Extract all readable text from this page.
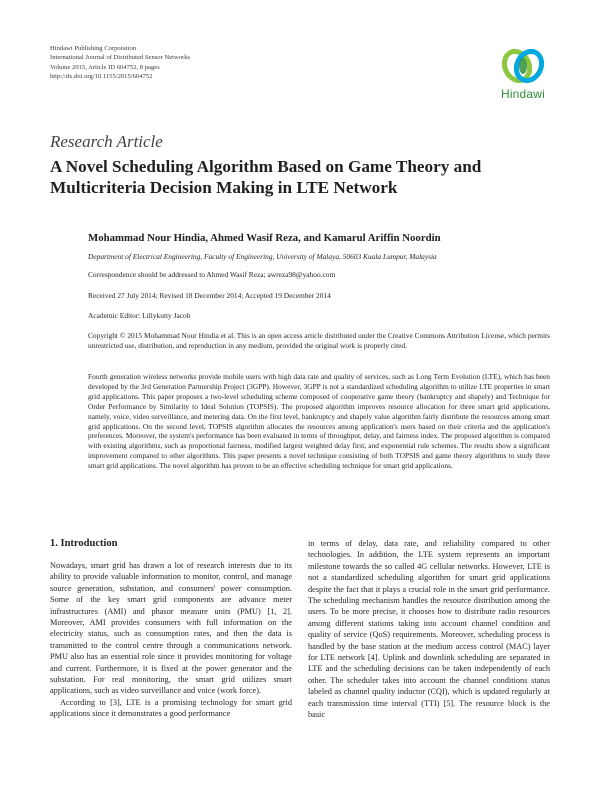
Hindawi Publishing Corporation
International Journal of Distributed Sensor Networks
Volume 2015, Article ID 604752, 8 pages
http://dx.doi.org/10.1155/2015/604752
Hindawi
Research Article
A Novel Scheduling Algorithm Based on Game Theory and Multicriteria Decision Making in LTE Network
Mohammad Nour Hindia, Ahmed Wasif Reza, and Kamarul Ariffin Noordin
Department of Electrical Engineering, Faculty of Engineering, University of Malaya, 50603 Kuala Lumpur, Malaysia
Correspondence should be addressed to Ahmed Wasif Reza; awreza98@yahoo.com
Received 27 July 2014; Revised 18 December 2014; Accepted 19 December 2014
Academic Editor: Lillykutty Jacob
Copyright © 2015 Mohammad Nour Hindia et al. This is an open access article distributed under the Creative Commons Attribution License, which permits unrestricted use, distribution, and reproduction in any medium, provided the original work is properly cited.
Fourth generation wireless networks provide mobile users with high data rate and quality of services, such as Long Term Evolution (LTE), which has been developed by the 3rd Generation Partnership Project (3GPP). However, 3GPP is not a standardized scheduling algorithm to utilize LTE properties in smart grid applications. This paper proposes a two-level scheduling scheme composed of cooperative game theory (bankruptcy and shapely) and Technique for Order Performance by Similarity to Ideal Solution (TOPSIS). The proposed algorithm improves resource allocation for three smart grid applications, namely, voice, video surveillance, and metering data. On the first level, bankruptcy and shapely value algorithm fairly distribute the resources among smart grid applications. On the second level, TOPSIS algorithm allocates the resources among application's users based on their criteria and the application's preferences. Moreover, the system's performance has been evaluated in terms of throughput, delay, and fairness index. The proposed algorithm is compared with existing algorithms, such as proportional fairness, modified largest weighted delay first, and exponential rule schemes. The results show a significant improvement compared to other algorithms. This paper presents a novel technique consisting of both TOPSIS and game theory algorithms to study three smart grid applications. The novel algorithm has proven to be an effective scheduling technique for smart grid applications.
1. Introduction

Nowadays, smart grid has drawn a lot of research interests due to its ability to provide valuable information to monitor, control, and manage source generation, substation, and consumers' power consumption. Some of the key smart grid components are advance meter infrastructures (AMI) and phasor measure units (PMU) [1, 2]. Moreover, AMI provides consumers with full information on the electricity status, such as consumption rates, and then the data is transmitted to the control centre through a communications network. PMU also has an essential role since it provides monitoring for voltage and current. Furthermore, it is fixed at the power generator and the substation. For real monitoring, the smart grid utilizes smart applications, such as video surveillance and voice (work force).

According to [3], LTE is a promising technology for smart grid applications since it demonstrates a good performance

in terms of delay, data rate, and reliability compared to other technologies. In addition, the LTE system represents an important milestone towards the so called 4G cellular networks. However, LTE is not a standardized scheduling algorithm for smart grid applications despite the fact that it plays a crucial role in the smart grid performance. The scheduling mechanism handles the resource distribution among the users. To be more precise, it chooses how to distribute radio resources among different stations taking into account channel condition and quality of service (QoS) requirements. Moreover, scheduling process is handled by the base station at the medium access control (MAC) layer for LTE network [4]. Uplink and downlink scheduling are separated in LTE and the scheduling decisions can be taken independently of each other. The scheduler takes into account the channel conditions status labeled as channel quality inductor (CQI), which is updated regularly at each transmission time interval (TTI) [5]. The resource block is the basic
